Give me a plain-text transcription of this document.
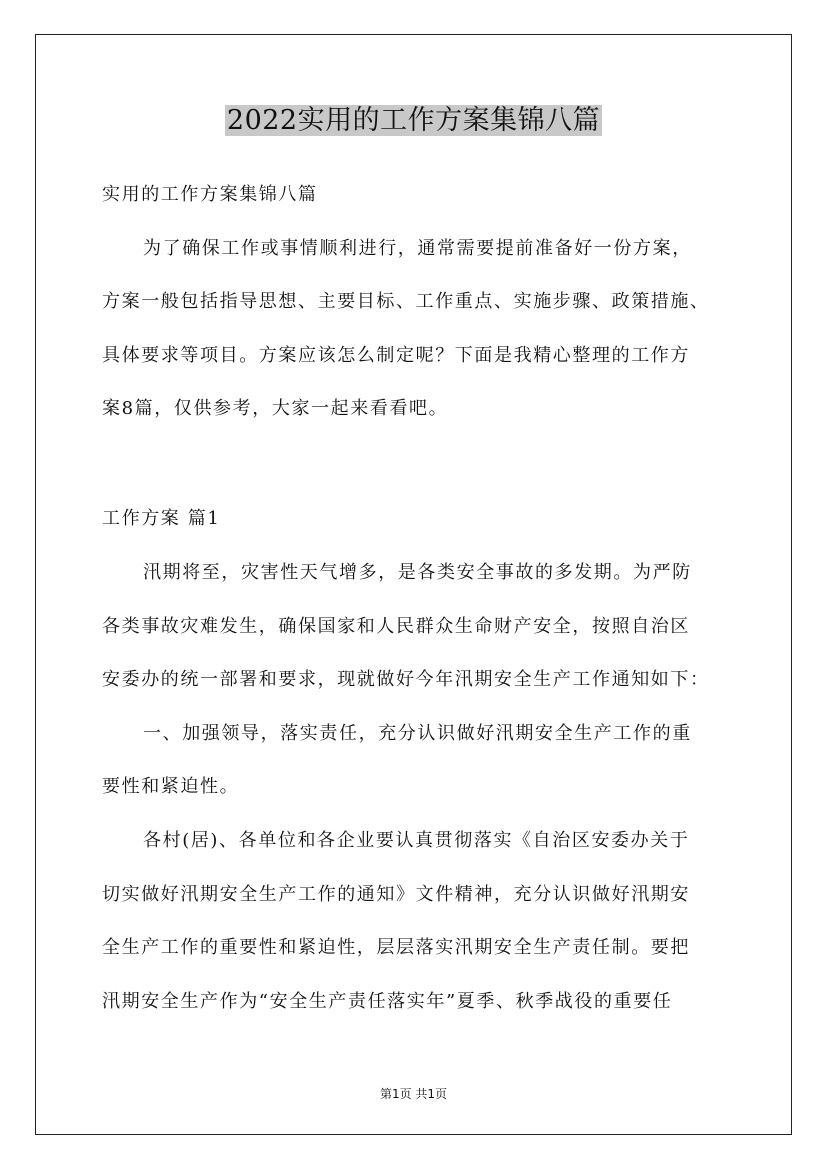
2022实用的工作方案集锦八篇
实用的工作方案集锦八篇
为了确保工作或事情顺利进行，通常需要提前准备好一份方案，
方案一般包括指导思想、主要目标、工作重点、实施步骤、政策措施、
具体要求等项目。方案应该怎么制定呢？下面是我精心整理的工作方
案8篇，仅供参考，大家一起来看看吧。
工作方案 篇1
汛期将至，灾害性天气增多，是各类安全事故的多发期。为严防
各类事故灾难发生，确保国家和人民群众生命财产安全，按照自治区
安委办的统一部署和要求，现就做好今年汛期安全生产工作通知如下：
一、加强领导，落实责任，充分认识做好汛期安全生产工作的重
要性和紧迫性。
各村(居)、各单位和各企业要认真贯彻落实《自治区安委办关于
切实做好汛期安全生产工作的通知》文件精神，充分认识做好汛期安
全生产工作的重要性和紧迫性，层层落实汛期安全生产责任制。要把
汛期安全生产作为“安全生产责任落实年”夏季、秋季战役的重要任
第1页 共1页
